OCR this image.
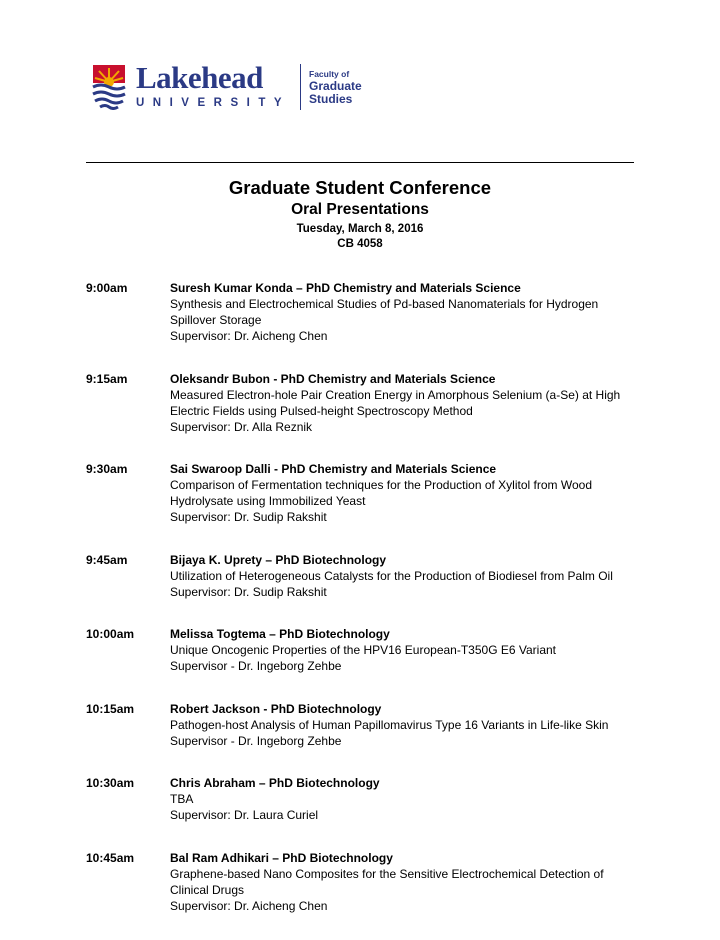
Lakehead
UNIVERSITY
Faculty of
Graduate
Studies
Graduate Student Conference
Oral Presentations
Tuesday, March 8, 2016
CB 4058
9:00am	Suresh Kumar Konda – PhD Chemistry and Materials Science
Synthesis and Electrochemical Studies of Pd-based Nanomaterials for Hydrogen Spillover Storage
Supervisor: Dr. Aicheng Chen
9:15am	Oleksandr Bubon - PhD Chemistry and Materials Science
Measured Electron-hole Pair Creation Energy in Amorphous Selenium (a-Se) at High Electric Fields using Pulsed-height Spectroscopy Method
Supervisor: Dr. Alla Reznik
9:30am	Sai Swaroop Dalli - PhD Chemistry and Materials Science
Comparison of Fermentation techniques for the Production of Xylitol from Wood Hydrolysate using Immobilized Yeast
Supervisor: Dr. Sudip Rakshit
9:45am	Bijaya K. Uprety – PhD Biotechnology
Utilization of Heterogeneous Catalysts for the Production of Biodiesel from Palm Oil
Supervisor: Dr. Sudip Rakshit
10:00am	Melissa Togtema – PhD Biotechnology
Unique Oncogenic Properties of the HPV16 European-T350G E6 Variant
Supervisor - Dr. Ingeborg Zehbe
10:15am	Robert Jackson - PhD Biotechnology
Pathogen-host Analysis of Human Papillomavirus Type 16 Variants in Life-like Skin
Supervisor - Dr. Ingeborg Zehbe
10:30am	Chris Abraham – PhD Biotechnology
TBA
Supervisor: Dr. Laura Curiel
10:45am	Bal Ram Adhikari – PhD Biotechnology
Graphene-based Nano Composites for the Sensitive Electrochemical Detection of Clinical Drugs
Supervisor: Dr. Aicheng Chen
